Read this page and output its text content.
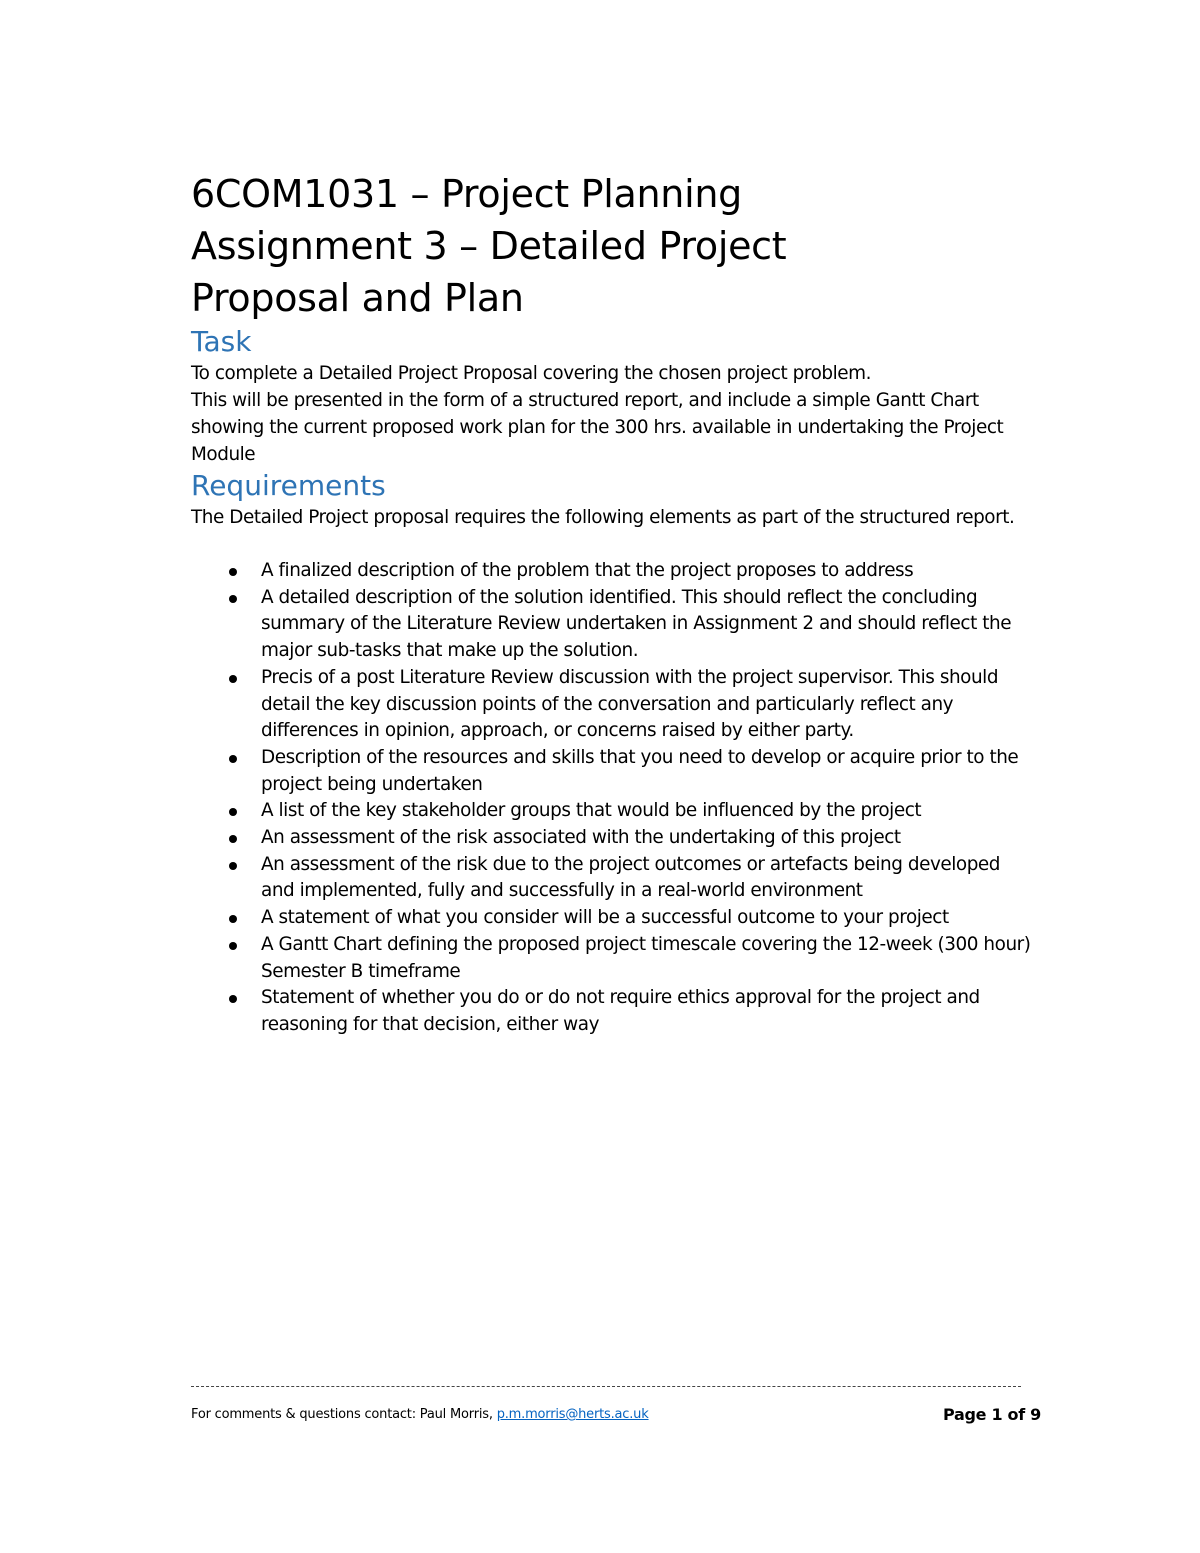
6COM1031 – Project Planning
Assignment 3 – Detailed Project
Proposal and Plan
Task

To complete a Detailed Project Proposal covering the chosen project problem.

This will be presented in the form of a structured report, and include a simple Gantt Chart showing the current proposed work plan for the 300 hrs. available in undertaking the Project Module

Requirements

The Detailed Project proposal requires the following elements as part of the structured report.

A finalized description of the problem that the project proposes to address
A detailed description of the solution identified. This should reflect the concluding summary of the Literature Review undertaken in Assignment 2 and should reflect the major sub-tasks that make up the solution.
Precis of a post Literature Review discussion with the project supervisor. This should detail the key discussion points of the conversation and particularly reflect any differences in opinion, approach, or concerns raised by either party.
Description of the resources and skills that you need to develop or acquire prior to the project being undertaken
A list of the key stakeholder groups that would be influenced by the project
An assessment of the risk associated with the undertaking of this project
An assessment of the risk due to the project outcomes or artefacts being developed and implemented, fully and successfully in a real-world environment
A statement of what you consider will be a successful outcome to your project
A Gantt Chart defining the proposed project timescale covering the 12-week (300 hour) Semester B timeframe
Statement of whether you do or do not require ethics approval for the project and reasoning for that decision, either way
For comments & questions contact: Paul Morris, p.m.morris@herts.ac.uk	Page 1 of 9
